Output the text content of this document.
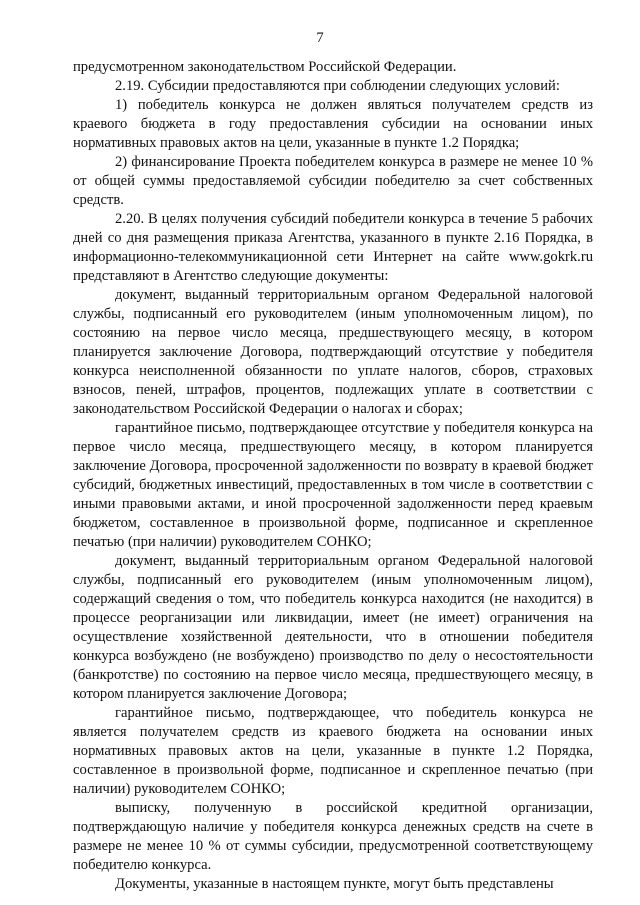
7

предусмотренном законодательством Российской Федерации.

2.19. Субсидии предоставляются при соблюдении следующих условий:

1) победитель конкурса не должен являться получателем средств из краевого бюджета в году предоставления субсидии на основании иных нормативных правовых актов на цели, указанные в пункте 1.2 Порядка;

2) финансирование Проекта победителем конкурса в размере не менее 10 % от общей суммы предоставляемой субсидии победителю за счет собственных средств.

2.20. В целях получения субсидий победители конкурса в течение 5 рабочих дней со дня размещения приказа Агентства, указанного в пункте 2.16 Порядка, в информационно-телекоммуникационной сети Интернет на сайте www.gokrk.ru представляют в Агентство следующие документы:

документ, выданный территориальным органом Федеральной налоговой службы, подписанный его руководителем (иным уполномоченным лицом), по состоянию на первое число месяца, предшествующего месяцу, в котором планируется заключение Договора, подтверждающий отсутствие у победителя конкурса неисполненной обязанности по уплате налогов, сборов, страховых взносов, пеней, штрафов, процентов, подлежащих уплате в соответствии с законодательством Российской Федерации о налогах и сборах;

гарантийное письмо, подтверждающее отсутствие у победителя конкурса на первое число месяца, предшествующего месяцу, в котором планируется заключение Договора, просроченной задолженности по возврату в краевой бюджет субсидий, бюджетных инвестиций, предоставленных в том числе в соответствии с иными правовыми актами, и иной просроченной задолженности перед краевым бюджетом, составленное в произвольной форме, подписанное и скрепленное печатью (при наличии) руководителем СОНКО;

документ, выданный территориальным органом Федеральной налоговой службы, подписанный его руководителем (иным уполномоченным лицом), содержащий сведения о том, что победитель конкурса находится (не находится) в процессе реорганизации или ликвидации, имеет (не имеет) ограничения на осуществление хозяйственной деятельности, что в отношении победителя конкурса возбуждено (не возбуждено) производство по делу о несостоятельности (банкротстве) по состоянию на первое число месяца, предшествующего месяцу, в котором планируется заключение Договора;

гарантийное письмо, подтверждающее, что победитель конкурса не является получателем средств из краевого бюджета на основании иных нормативных правовых актов на цели, указанные в пункте 1.2 Порядка, составленное в произвольной форме, подписанное и скрепленное печатью (при наличии) руководителем СОНКО;

выписку, полученную в российской кредитной организации, подтверждающую наличие у победителя конкурса денежных средств на счете в размере не менее 10 % от суммы субсидии, предусмотренной соответствующему победителю конкурса.

Документы, указанные в настоящем пункте, могут быть представлены
